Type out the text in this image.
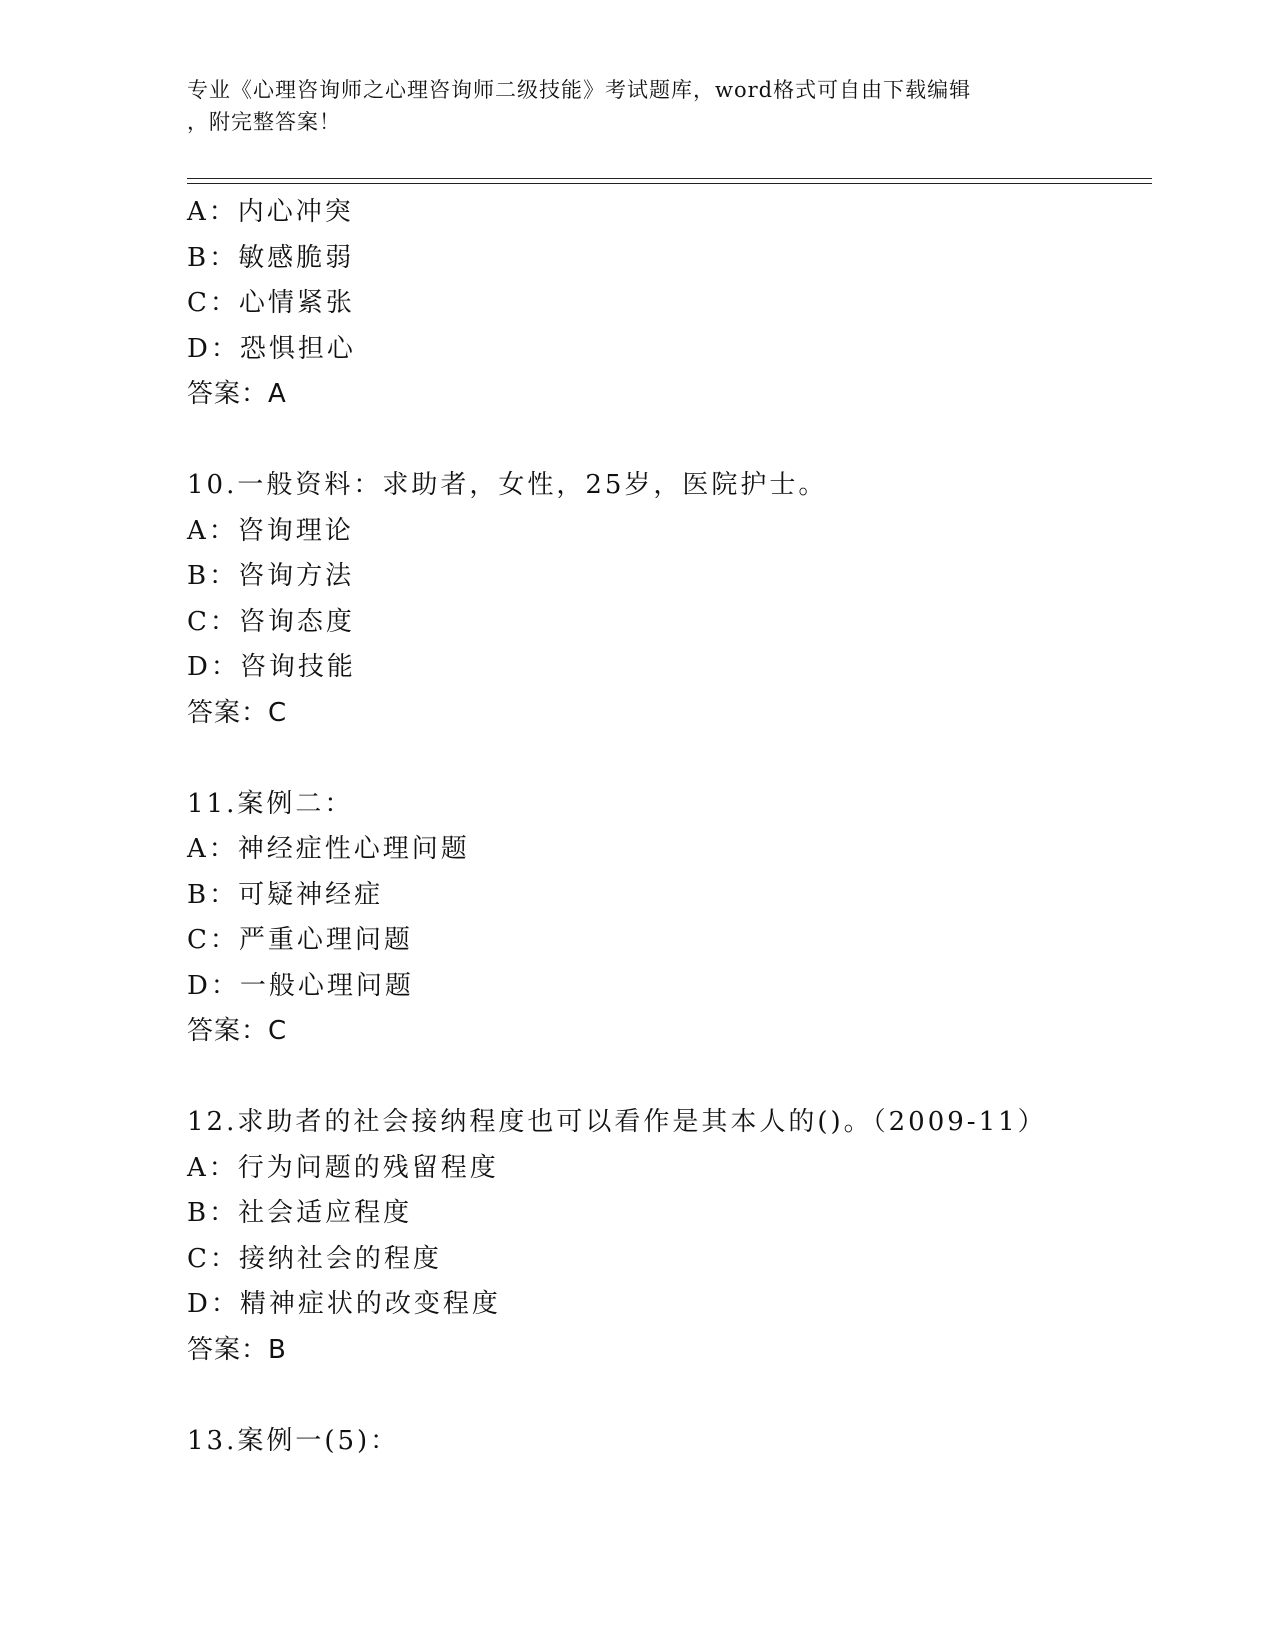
专业《心理咨询师之心理咨询师二级技能》考试题库，word格式可自由下载编辑
，附完整答案！
A：内心冲突
B：敏感脆弱
C：心情紧张
D：恐惧担心
答案：A
10.一般资料：求助者，女性，25岁，医院护士。
A：咨询理论
B：咨询方法
C：咨询态度
D：咨询技能
答案：C
11.案例二：
A：神经症性心理问题
B：可疑神经症
C：严重心理问题
D：一般心理问题
答案：C
12.求助者的社会接纳程度也可以看作是其本人的()。（2009-11）
A：行为问题的残留程度
B：社会适应程度
C：接纳社会的程度
D：精神症状的改变程度
答案：B
13.案例一(5)：
